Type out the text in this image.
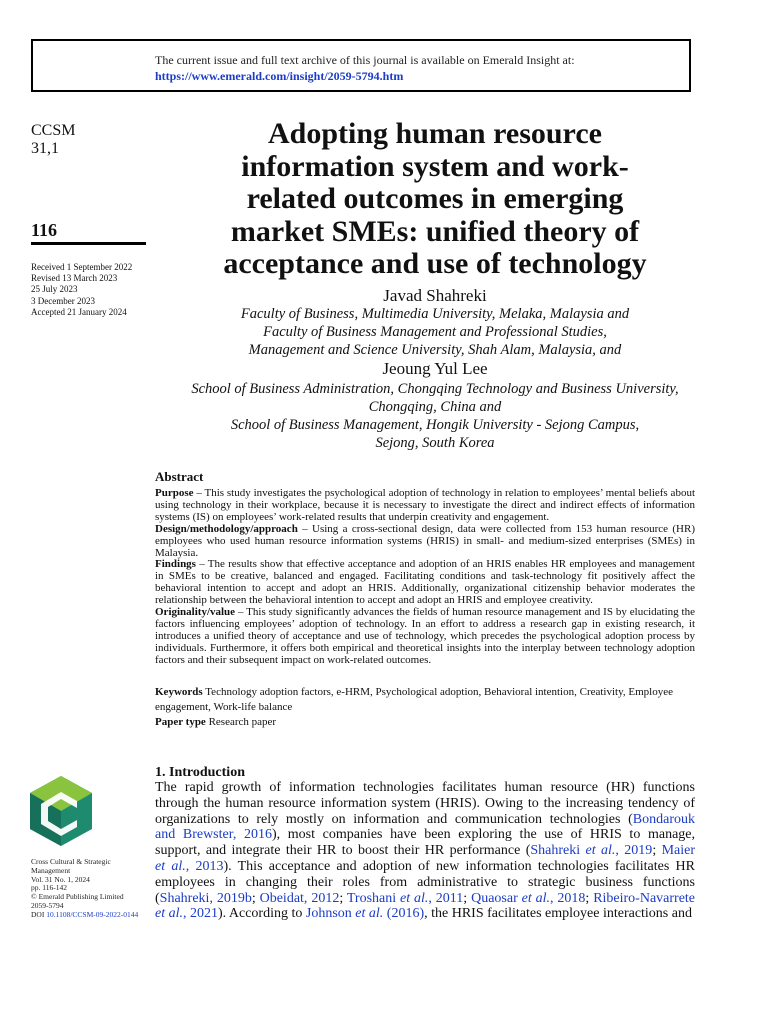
The current issue and full text archive of this journal is available on Emerald Insight at:
https://www.emerald.com/insight/2059-5794.htm
CCSM
31,1
116
Received 1 September 2022
Revised 13 March 2023
25 July 2023
3 December 2023
Accepted 21 January 2024
Adopting human resource
information system and work-
related outcomes in emerging
market SMEs: unified theory of
acceptance and use of technology
Javad Shahreki
Faculty of Business, Multimedia University, Melaka, Malaysia and
Faculty of Business Management and Professional Studies,
Management and Science University, Shah Alam, Malaysia, and
Jeoung Yul Lee
School of Business Administration, Chongqing Technology and Business University,
Chongqing, China and
School of Business Management, Hongik University - Sejong Campus,
Sejong, South Korea
Abstract

Purpose – This study investigates the psychological adoption of technology in relation to employees’ mental beliefs about using technology in their workplace, because it is necessary to investigate the direct and indirect effects of information systems (IS) on employees’ work-related results that underpin creativity and engagement.

Design/methodology/approach – Using a cross-sectional design, data were collected from 153 human resource (HR) employees who used human resource information systems (HRIS) in small- and medium-sized enterprises (SMEs) in Malaysia.

Findings – The results show that effective acceptance and adoption of an HRIS enables HR employees and management in SMEs to be creative, balanced and engaged. Facilitating conditions and task-technology fit positively affect the behavioral intention to accept and adopt an HRIS. Additionally, organizational citizenship behavior moderates the relationship between the behavioral intention to accept and adopt an HRIS and employee creativity.

Originality/value – This study significantly advances the fields of human resource management and IS by elucidating the factors influencing employees’ adoption of technology. In an effort to address a research gap in existing research, it introduces a unified theory of acceptance and use of technology, which precedes the psychological adoption process by individuals. Furthermore, it offers both empirical and theoretical insights into the interplay between technology adoption factors and their subsequent impact on work-related outcomes.

Keywords Technology adoption factors, e-HRM, Psychological adoption, Behavioral intention, Creativity, Employee engagement, Work-life balance
Paper type Research paper
1. Introduction
The rapid growth of information technologies facilitates human resource (HR) functions
through the human resource information system (HRIS). Owing to the increasing tendency of
organizations to rely mostly on information and communication technologies (Bondarouk
and Brewster, 2016), most companies have been exploring the use of HRIS to manage,
support, and integrate their HR to boost their HR performance (Shahreki et al., 2019; Maier
et al., 2013). This acceptance and adoption of new information technologies facilitates HR
employees in changing their roles from administrative to strategic business functions
(Shahreki, 2019b; Obeidat, 2012; Troshani et al., 2011; Quaosar et al., 2018; Ribeiro-Navarrete
et al., 2021). According to Johnson et al. (2016), the HRIS facilitates employee interactions and
Cross Cultural & Strategic
Management
Vol. 31 No. 1, 2024
pp. 116-142
© Emerald Publishing Limited
2059-5794
DOI 10.1108/CCSM-09-2022-0144
